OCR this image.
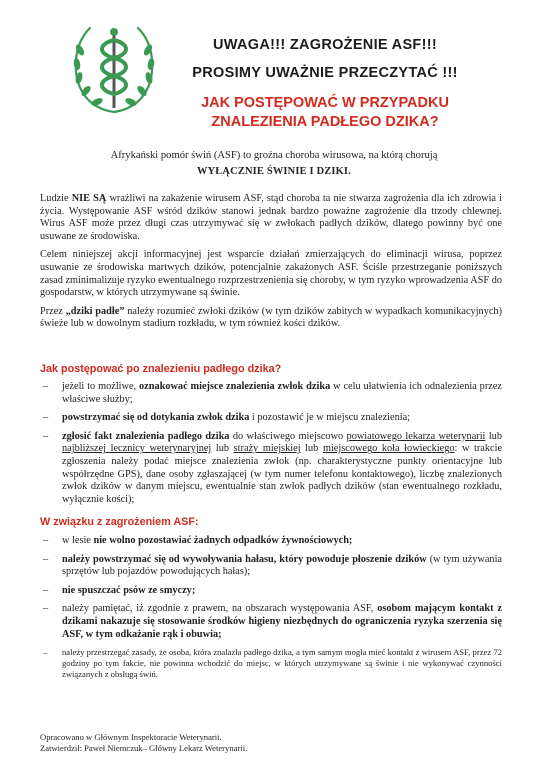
UWAGA!!! ZAGROŻENIE ASF!!!
PROSIMY UWAŻNIE PRZECZYTAĆ !!!
JAK POSTĘPOWAĆ W PRZYPADKU
ZNALEZIENIA PADŁEGO DZIKA?
Afrykański pomór świń (ASF) to groźna choroba wirusowa, na którą chorują
WYŁĄCZNIE ŚWINIE I DZIKI.

Ludzie NIE SĄ wrażliwi na zakażenie wirusem ASF, stąd choroba ta nie stwarza zagrożenia dla ich zdrowia i życia. Występowanie ASF wśród dzików stanowi jednak bardzo poważne zagrożenie dla trzody chlewnej. Wirus ASF może przez długi czas utrzymywać się w zwłokach padłych dzików, dlatego powinny być one usuwane ze środowiska.

Celem niniejszej akcji informacyjnej jest wsparcie działań zmierzających do eliminacji wirusa, poprzez usuwanie ze środowiska martwych dzików, potencjalnie zakażonych ASF. Ściśle przestrzeganie poniższych zasad zminimalizuje ryzyko ewentualnego rozprzestrzenienia się choroby, w tym ryzyko wprowadzenia ASF do gospodarstw, w których utrzymywane są świnie.

Przez „dziki padłe” należy rozumieć zwłoki dzików (w tym dzików zabitych w wypadkach komunikacyjnych) świeże lub w dowolnym stadium rozkładu, w tym również kości dzików.

Jak postępować po znalezieniu padłego dzika?
– jeżeli to możliwe, oznakować miejsce znalezienia zwłok dzika w celu ułatwienia ich odnalezienia przez właściwe służby;
– powstrzymać się od dotykania zwłok dzika i pozostawić je w miejscu znalezienia;
– zgłosić fakt znalezienia padłego dzika do właściwego miejscowo powiatowego lekarza weterynarii lub najbliższej lecznicy weterynaryjnej lub straży miejskiej lub miejscowego koła łowieckiego: w trakcie zgłoszenia należy podać miejsce znalezienia zwłok (np. charakterystyczne punkty orientacyjne lub współrzędne GPS), dane osoby zgłaszającej (w tym numer telefonu kontaktowego), liczbę znalezionych zwłok dzików w danym miejscu, ewentualnie stan zwłok padłych dzików (stan ewentualnego rozkładu, wyłącznie kości);
W związku z zagrożeniem ASF:
– w lesie nie wolno pozostawiać żadnych odpadków żywnościowych;
– należy powstrzymać się od wywoływania hałasu, który powoduje płoszenie dzików (w tym używania sprzętów lub pojazdów powodujących hałas);
– nie spuszczać psów ze smyczy;
– należy pamiętać, iż zgodnie z prawem, na obszarach występowania ASF, osobom mającym kontakt z dzikami nakazuje się stosowanie środków higieny niezbędnych do ograniczenia ryzyka szerzenia się ASF, w tym odkażanie rąk i obuwia;
– należy przestrzegać zasady, że osoba, która znalazła padłego dzika, a tym samym mogła mieć kontakt z wirusem ASF, przez 72 godziny po tym fakcie, nie powinna wchodzić do miejsc, w których utrzymywane są świnie i nie wykonywać czynności związanych z obsługą świń.
Opracowano w Głównym Inspektoracie Weterynarii.
Zatwierdził: Paweł Niemczuk– Główny Lekarz Weterynarii.
